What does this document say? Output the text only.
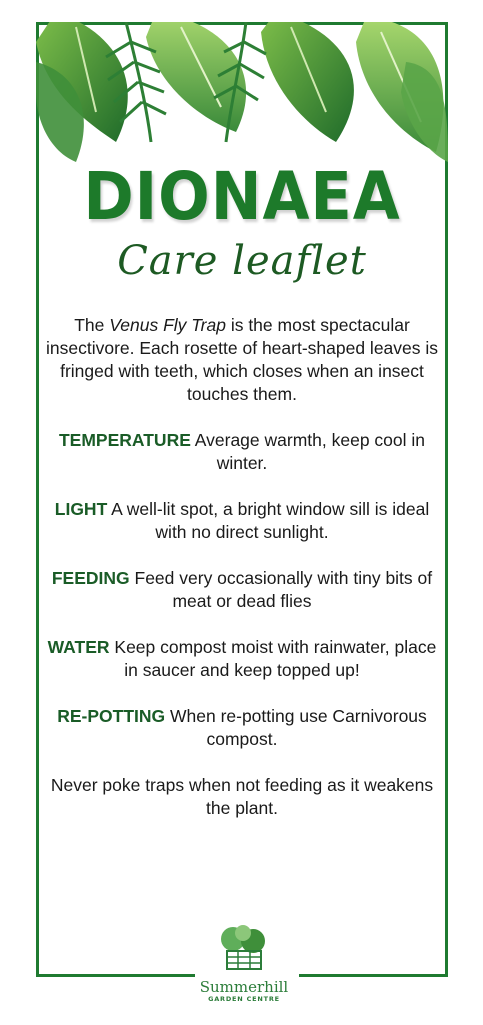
DIONAEA
Care leaflet

The Venus Fly Trap is the most spectacular insectivore. Each rosette of heart-shaped leaves is fringed with teeth, which closes when an insect touches them.

TEMPERATURE Average warmth, keep cool in winter.

LIGHT A well-lit spot, a bright window sill is ideal with no direct sunlight.

FEEDING Feed very occasionally with tiny bits of meat or dead flies

WATER Keep compost moist with rainwater, place in saucer and keep topped up!

RE-POTTING When re-potting use Carnivorous compost.

Never poke traps when not feeding as it weakens the plant.

Summerhill
GARDEN CENTRE
